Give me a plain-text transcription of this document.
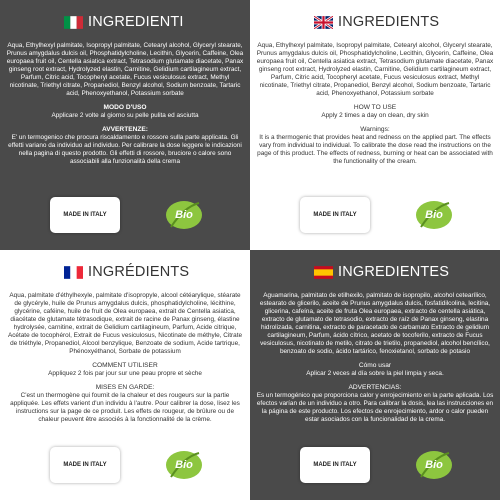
INGREDIENTI
Aqua, Ethylhexyl palmitate, Isopropyl palmitate, Cetearyl alcohol, Glyceryl stearate, Prunus amygdalus dulcis oil, Phosphatidylcholine, Lecithin, Glycerin, Caffeine, Olea europaea fruit oil, Centella asiatica extract, Tetrasodium glutamate diacetate, Panax ginseng root extract, Hydrolyzed elastin, Carnitine, Gelidium cartilagineum extract, Parfum, Citric acid, Tocopheryl acetate, Fucus vesiculosus extract, Methyl nicotinate, Triethyl citrate, Propanediol, Benzyl alcohol, Sodium benzoate, Tartaric acid, Phenoxyethanol, Potassium sorbate
MODO D'USO
Applicare 2 volte al giorno su pelle pulita ed asciutta
AVVERTENZE:
E' un termogenico che procura riscaldamento e rossore sulla parte applicata. Gli effetti variano da individuo ad individuo. Per calibrare la dose leggere le indicazioni nella pagina di questo prodotto. Gli effetti di rossore, bruciore o calore sono associabili alla funzionalità della crema
MADE IN ITALY	Bio
INGREDIENTS
Aqua, Ethylhexyl palmitate, Isopropyl palmitate, Cetearyl alcohol, Glyceryl stearate, Prunus amygdalus dulcis oil, Phosphatidylcholine, Lecithin, Glycerin, Caffeine, Olea europaea fruit oil, Centella asiatica extract, Tetrasodium glutamate diacetate, Panax ginseng root extract, Hydrolyzed elastin, Carnitine, Gelidium cartilagineum extract, Parfum, Citric acid, Tocopheryl acetate, Fucus vesiculosus extract, Methyl nicotinate, Triethyl citrate, Propanediol, Benzyl alcohol, Sodium benzoate, Tartaric acid, Phenoxyethanol, Potassium sorbate
HOW TO USE
Apply 2 times a day on clean, dry skin
Warnings:
It is a thermogenic that provides heat and redness on the applied part. The effects vary from individual to individual. To calibrate the dose read the instructions on the page of this product. The effects of redness, burning or heat can be associated with the functionality of the cream.
MADE IN ITALY	Bio
INGRÉDIENTS
Aqua, palmitate d'éthylhexyle, palmitate d'isopropyle, alcool cétéarylique, stéarate de glycéryle, huile de Prunus amygdalus dulcis, phosphatidylcholine, lécithine, glycérine, caféine, huile de fruit de Olea europaea, extrait de Centella asiatica, diacétate de glutamate tétrasodique, extrait de racine de Panax ginseng, élastine hydrolysée, carnitine, extrait de Gelidium cartilagineum, Parfum, Acide citrique, Acétate de tocophérol, Extrait de Fucus vesiculosus, Nicotinate de méthyle, Citrate de triéthyle, Propanediol, Alcool benzylique, Benzoate de sodium, Acide tartrique, Phénoxyéthanol, Sorbate de potassium
COMMENT UTILISER
Appliquez 2 fois par jour sur une peau propre et sèche
MISES EN GARDE:
C'est un thermogène qui fournit de la chaleur et des rougeurs sur la partie appliquée. Les effets varient d'un individu à l'autre. Pour calibrer la dose, lisez les instructions sur la page de ce produit. Les effets de rougeur, de brûlure ou de chaleur peuvent être associés à la fonctionnalité de la crème.
MADE IN ITALY	Bio
INGREDIENTES
Aguamarina, palmitato de etilhexilo, palmitato de isopropilo, alcohol cetearílico, estearato de glicerilo, aceite de Prunus amygdalus dulcis, fosfatidilcolina, lecitina, glicerina, cafeína, aceite de fruta Olea europaea, extracto de centella asiática, extracto de glutamato de tetrasodio, extracto de raíz de Panax ginseng, elastina hidrolizada, carnitina, extracto de paracetado de carbamato Extracto de gelidium cartilagineum, Parfum, ácido cítrico, acetato de tocoferilo, extracto de Fucus vesiculosus, nicotinato de metilo, citrato de trietilo, propanediol, alcohol bencílico, benzoato de sodio, ácido tartárico, fenoxietanol, sorbato de potasio
Cómo usar
Aplicar 2 veces al día sobre la piel limpia y seca.
ADVERTENCIAS:
Es un termogénico que proporciona calor y enrojecimiento en la parte aplicada. Los efectos varían de un individuo a otro. Para calibrar la dosis, lea las instrucciones en la página de este producto. Los efectos de enrojecimiento, ardor o calor pueden estar asociados con la funcionalidad de la crema.
MADE IN ITALY	Bio
